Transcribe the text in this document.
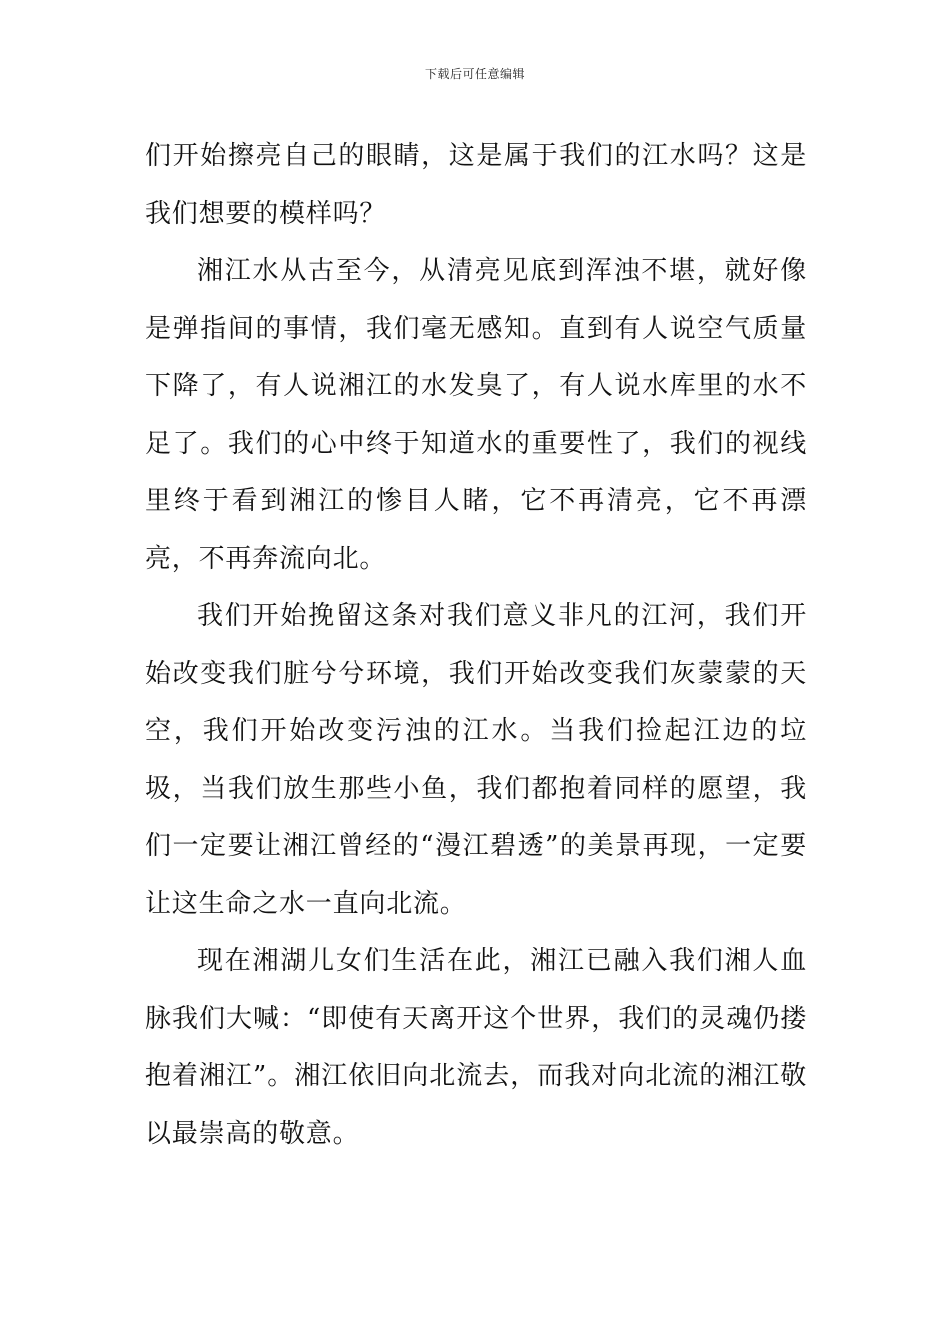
下载后可任意编辑

们开始擦亮自己的眼睛，这是属于我们的江水吗？这是我们想要的模样吗？

湘江水从古至今，从清亮见底到浑浊不堪，就好像是弹指间的事情，我们毫无感知。直到有人说空气质量下降了，有人说湘江的水发臭了，有人说水库里的水不足了。我们的心中终于知道水的重要性了，我们的视线里终于看到湘江的惨目人睹，它不再清亮，它不再漂亮，不再奔流向北。

我们开始挽留这条对我们意义非凡的江河，我们开始改变我们脏兮兮环境，我们开始改变我们灰蒙蒙的天空，我们开始改变污浊的江水。当我们捡起江边的垃圾，当我们放生那些小鱼，我们都抱着同样的愿望，我们一定要让湘江曾经的“漫江碧透”的美景再现，一定要让这生命之水一直向北流。

现在湘湖儿女们生活在此，湘江已融入我们湘人血脉我们大喊：“即使有天离开这个世界，我们的灵魂仍搂抱着湘江”。湘江依旧向北流去，而我对向北流的湘江敬以最崇高的敬意。
